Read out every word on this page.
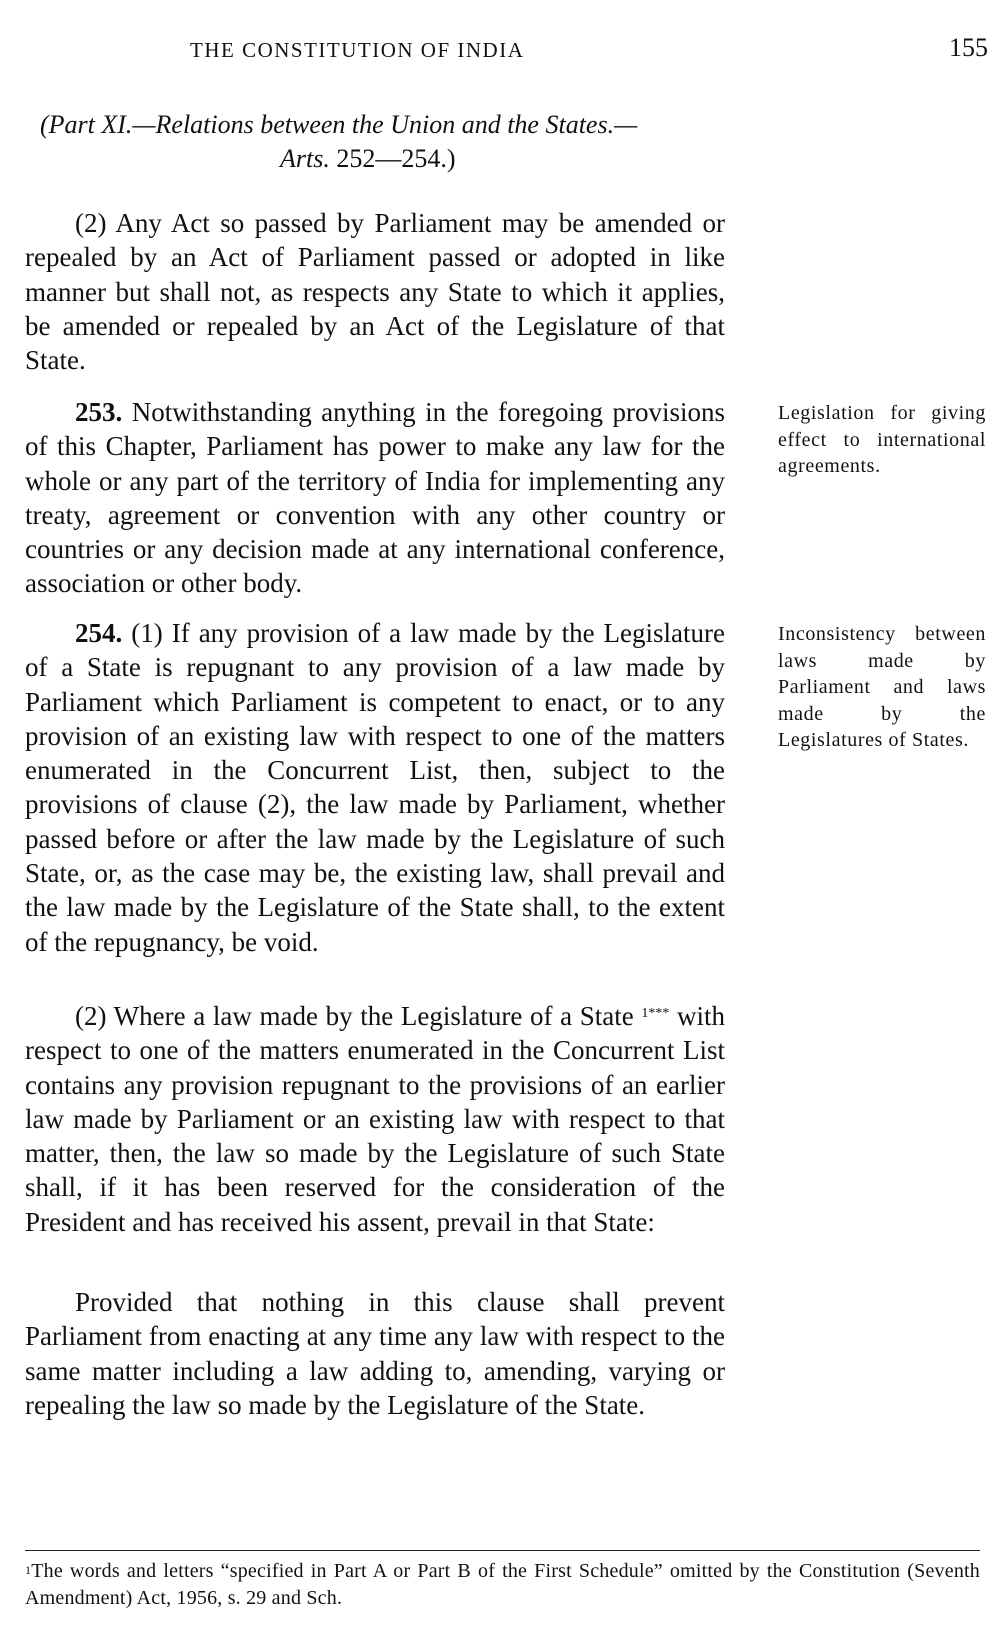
THE CONSTITUTION OF INDIA	155
(Part XI.—Relations between the Union and the States.—
Arts. 252—254.)

(2) Any Act so passed by Parliament may be amended or repealed by an Act of Parliament passed or adopted in like manner but shall not, as respects any State to which it applies, be amended or repealed by an Act of the Legislature of that State.

253. Notwithstanding anything in the foregoing provisions of this Chapter, Parliament has power to make any law for the whole or any part of the territory of India for implementing any treaty, agreement or convention with any other country or countries or any decision made at any international conference, association or other body.

Legislation for giving effect to international agreements.

254. (1) If any provision of a law made by the Legislature of a State is repugnant to any provision of a law made by Parliament which Parliament is competent to enact, or to any provision of an existing law with respect to one of the matters enumerated in the Concurrent List, then, subject to the provisions of clause (2), the law made by Parliament, whether passed before or after the law made by the Legislature of such State, or, as the case may be, the existing law, shall prevail and the law made by the Legislature of the State shall, to the extent of the repugnancy, be void.

Inconsistency between laws made by Parliament and laws made by the Legislatures of States.

(2) Where a law made by the Legislature of a State $^{1***}$ with respect to one of the matters enumerated in the Concurrent List contains any provision repugnant to the provisions of an earlier law made by Parliament or an existing law with respect to that matter, then, the law so made by the Legislature of such State shall, if it has been reserved for the consideration of the President and has received his assent, prevail in that State:

Provided that nothing in this clause shall prevent Parliament from enacting at any time any law with respect to the same matter including a law adding to, amending, varying or repealing the law so made by the Legislature of the State.

$^1$The words and letters “specified in Part A or Part B of the First Schedule” omitted by the Constitution (Seventh Amendment) Act, 1956, s. 29 and Sch.
